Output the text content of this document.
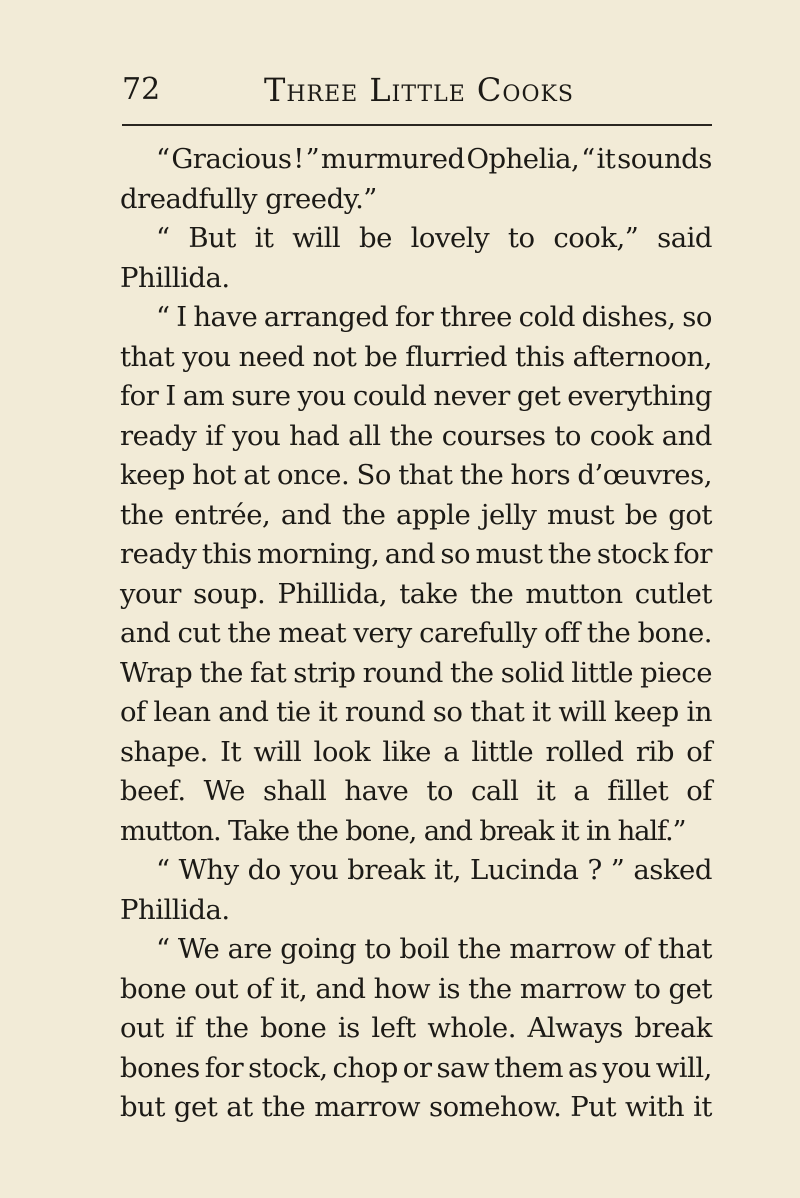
72	Three Little Cooks
“ Gracious ! ” murmured Ophelia, “ it sounds
dreadfully greedy.”
“ But it will be lovely to cook,” said
Phillida.
“ I have arranged for three cold dishes, so
that you need not be flurried this afternoon,
for I am sure you could never get everything
ready if you had all the courses to cook and
keep hot at once. So that the hors d’œuvres,
the entrée, and the apple jelly must be got
ready this morning, and so must the stock for
your soup. Phillida, take the mutton cutlet
and cut the meat very carefully off the bone.
Wrap the fat strip round the solid little piece
of lean and tie it round so that it will keep in
shape. It will look like a little rolled rib of
beef. We shall have to call it a fillet of
mutton. Take the bone, and break it in half.”
“ Why do you break it, Lucinda ? ” asked
Phillida.
“ We are going to boil the marrow of that
bone out of it, and how is the marrow to get
out if the bone is left whole. Always break
bones for stock, chop or saw them as you will,
but get at the marrow somehow. Put with it
